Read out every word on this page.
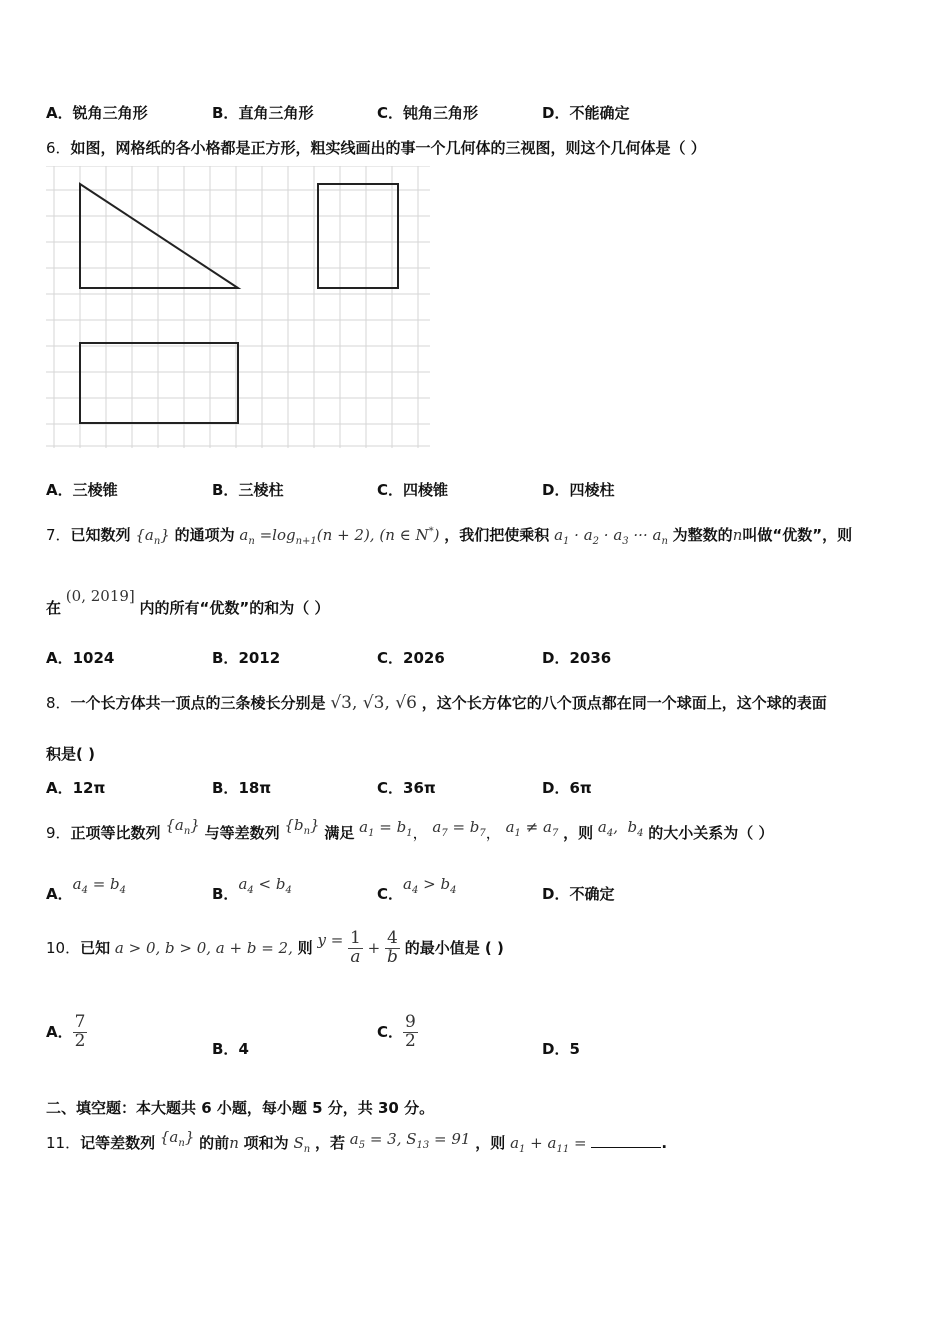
A．锐角三角形	B．直角三角形	C．钝角三角形	D．不能确定
6．如图，网格纸的各小格都是正方形，粗实线画出的事一个几何体的三视图，则这个几何体是（ ）
A．三棱锥	B．三棱柱	C．四棱锥	D．四棱柱
7．已知数列 $\{a_n\}$ 的通项为 $a_n =\log_{n+1}(n + 2)$, (n ∈ N*) ，我们把使乘积 $a_1 \cdot a_2 \cdot a_3$ ··· $a_n$ 为整数的n叫做“优数”，则
在 (0, 2019] 内的所有“优数”的和为（ ）
A．1024	B．2012	C．2026	D．2036
8．一个长方体共一顶点的三条棱长分别是 √3, √3, √6 ，这个长方体它的八个顶点都在同一个球面上，这个球的表面
积是( )
A．12π	B．18π	C．36π	D．6π
9．正项等比数列 $\{a_n\}$ 与等差数列 $\{b_n\}$ 满足 $a_1 = b_1$， $a_7 = b_7$， $a_1 \ne a_7$ ，则 $a_4$,  $b_4$ 的大小关系为（ ）
A．$a_4 = b_4$	B．$a_4 < b_4$	C．$a_4 > b_4$	D．不确定
10．已知 a > 0, b > 0, a + b = 2, 则 $y = \frac{1}{a} + \frac{4}{b}$ 的最小值是 ( )
A． $\frac{7}{2}$	B．4
C． $\frac{9}{2}$	D．5
二、填空题：本大题共 6 小题，每小题 5 分，共 30 分。
11．记等差数列 $\{a_n\}$ 的前n 项和为 $S_n$ ，若 $a_5 = 3$, $S_{13} = 91$ ，则 $a_1 + a_{11}$ =	.
